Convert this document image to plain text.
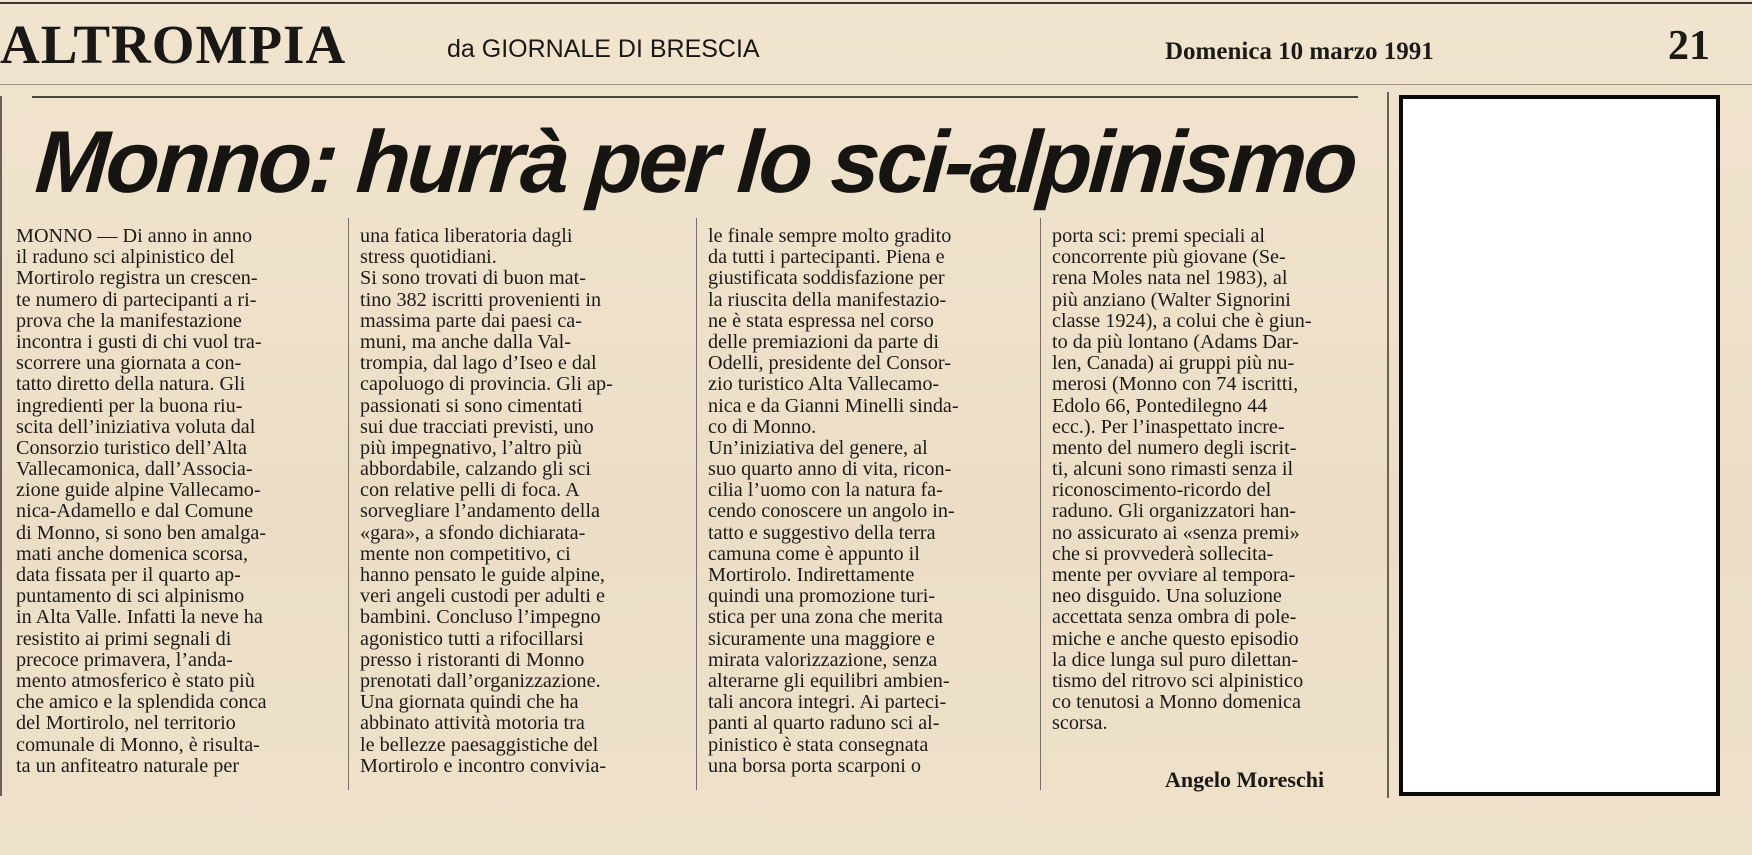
ALTROMPIA	da GIORNALE DI BRESCIA	Domenica 10 marzo 1991	21
Monno: hurrà per lo sci-alpinismo
MONNO — Di anno in anno
il raduno sci alpinistico del
Mortirolo registra un crescen-
te numero di partecipanti a ri-
prova che la manifestazione
incontra i gusti di chi vuol tra-
scorrere una giornata a con-
tatto diretto della natura. Gli
ingredienti per la buona riu-
scita dell’iniziativa voluta dal
Consorzio turistico dell’Alta
Vallecamonica, dall’Associa-
zione guide alpine Vallecamo-
nica-Adamello e dal Comune
di Monno, si sono ben amalga-
mati anche domenica scorsa,
data fissata per il quarto ap-
puntamento di sci alpinismo
in Alta Valle. Infatti la neve ha
resistito ai primi segnali di
precoce primavera, l’anda-
mento atmosferico è stato più
che amico e la splendida conca
del Mortirolo, nel territorio
comunale di Monno, è risulta-
ta un anfiteatro naturale per
una fatica liberatoria dagli
stress quotidiani.
Si sono trovati di buon mat-
tino 382 iscritti provenienti in
massima parte dai paesi ca-
muni, ma anche dalla Val-
trompia, dal lago d’Iseo e dal
capoluogo di provincia. Gli ap-
passionati si sono cimentati
sui due tracciati previsti, uno
più impegnativo, l’altro più
abbordabile, calzando gli sci
con relative pelli di foca. A
sorvegliare l’andamento della
«gara», a sfondo dichiarata-
mente non competitivo, ci
hanno pensato le guide alpine,
veri angeli custodi per adulti e
bambini. Concluso l’impegno
agonistico tutti a rifocillarsi
presso i ristoranti di Monno
prenotati dall’organizzazione.
Una giornata quindi che ha
abbinato attività motoria tra
le bellezze paesaggistiche del
Mortirolo e incontro convivia-
le finale sempre molto gradito
da tutti i partecipanti. Piena e
giustificata soddisfazione per
la riuscita della manifestazio-
ne è stata espressa nel corso
delle premiazioni da parte di
Odelli, presidente del Consor-
zio turistico Alta Vallecamo-
nica e da Gianni Minelli sinda-
co di Monno.
Un’iniziativa del genere, al
suo quarto anno di vita, ricon-
cilia l’uomo con la natura fa-
cendo conoscere un angolo in-
tatto e suggestivo della terra
camuna come è appunto il
Mortirolo. Indirettamente
quindi una promozione turi-
stica per una zona che merita
sicuramente una maggiore e
mirata valorizzazione, senza
alterarne gli equilibri ambien-
tali ancora integri. Ai parteci-
panti al quarto raduno sci al-
pinistico è stata consegnata
una borsa porta scarponi o
porta sci: premi speciali al
concorrente più giovane (Se-
rena Moles nata nel 1983), al
più anziano (Walter Signorini
classe 1924), a colui che è giun-
to da più lontano (Adams Dar-
len, Canada) ai gruppi più nu-
merosi (Monno con 74 iscritti,
Edolo 66, Pontedilegno 44
ecc.). Per l’inaspettato incre-
mento del numero degli iscrit-
ti, alcuni sono rimasti senza il
riconoscimento-ricordo del
raduno. Gli organizzatori han-
no assicurato ai «senza premi»
che si provvederà sollecita-
mente per ovviare al tempora-
neo disguido. Una soluzione
accettata senza ombra di pole-
miche e anche questo episodio
la dice lunga sul puro dilettan-
tismo del ritrovo sci alpinistico
co tenutosi a Monno domenica
scorsa.
Angelo Moreschi
